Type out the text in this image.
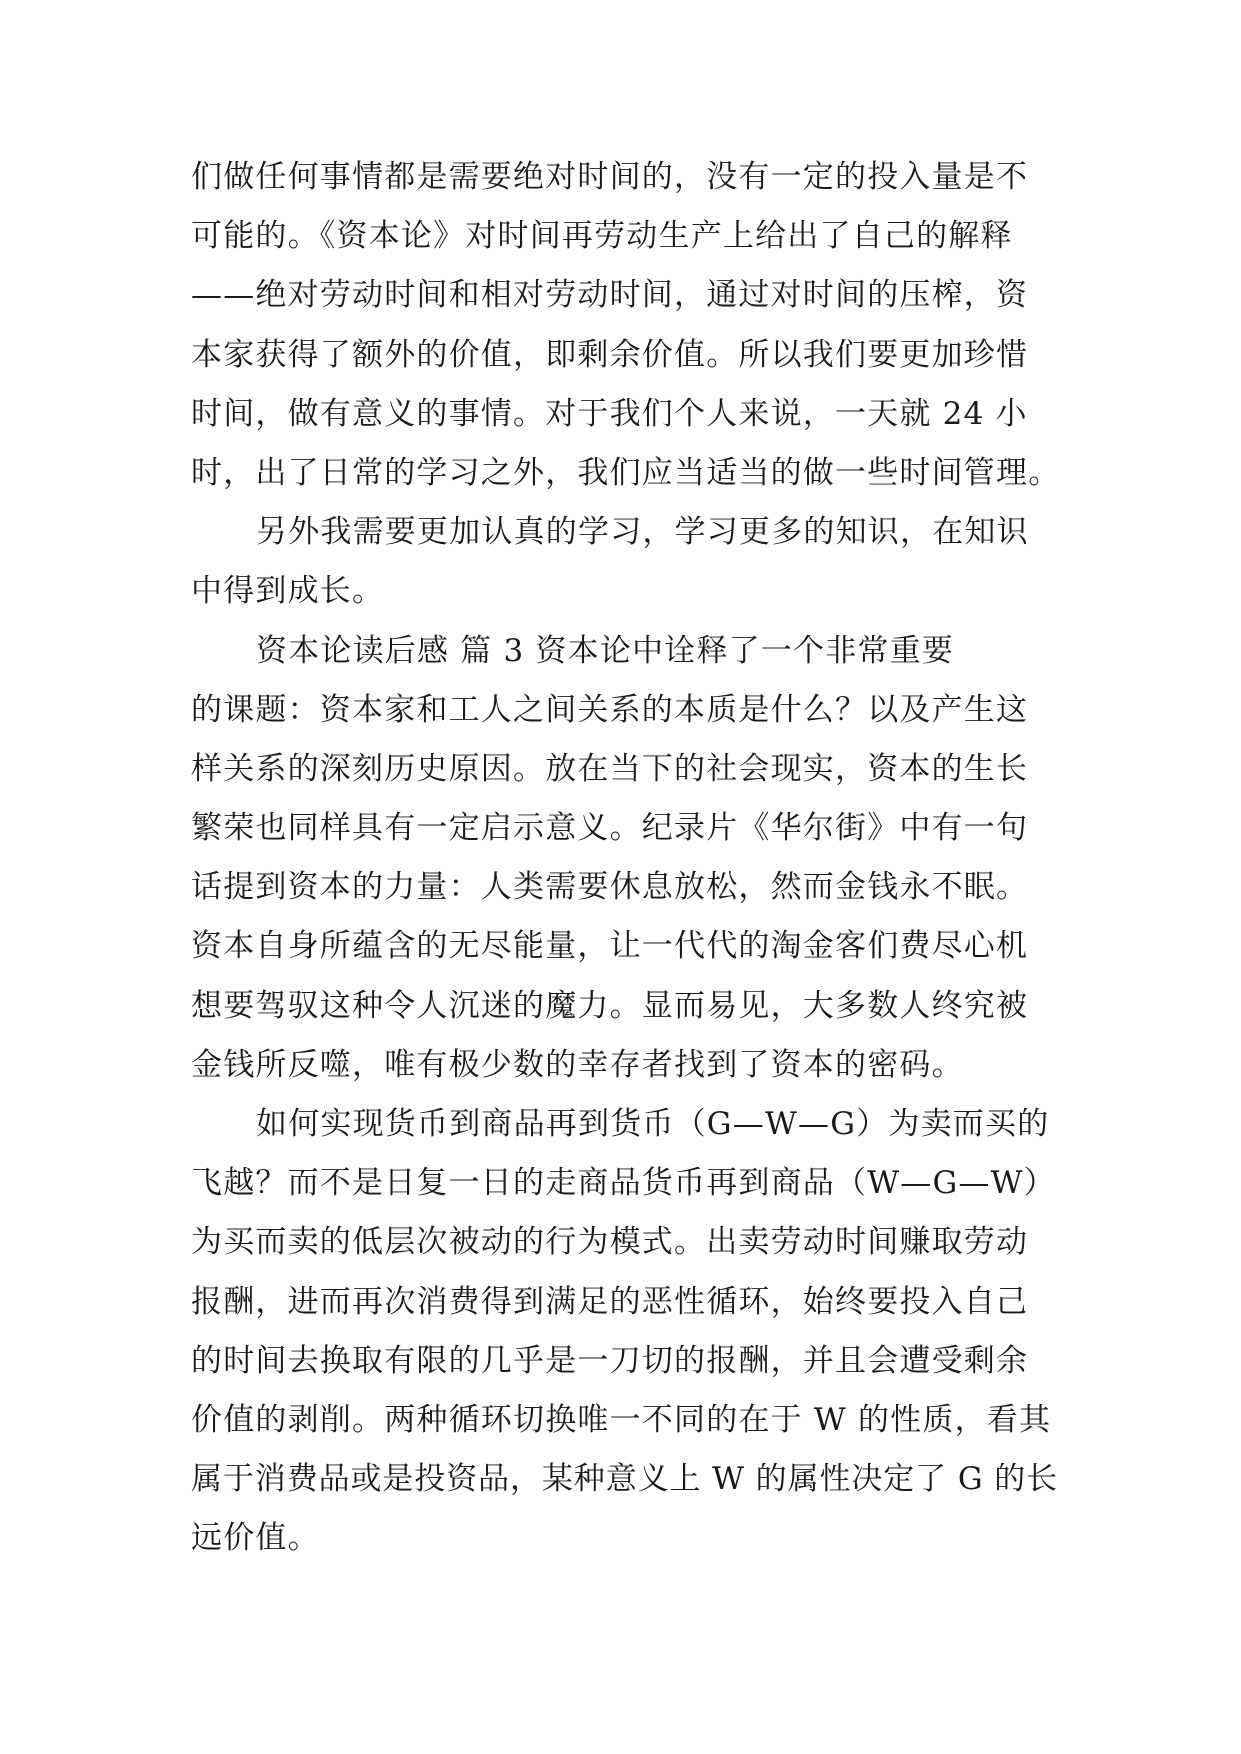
们做任何事情都是需要绝对时间的，没有一定的投入量是不
可能的。《资本论》对时间再劳动生产上给出了自己的解释
——绝对劳动时间和相对劳动时间，通过对时间的压榨，资
本家获得了额外的价值，即剩余价值。所以我们要更加珍惜
时间，做有意义的事情。对于我们个人来说，一天就 24 小
时，出了日常的学习之外，我们应当适当的做一些时间管理。
另外我需要更加认真的学习，学习更多的知识，在知识
中得到成长。
资本论读后感 篇 3 资本论中诠释了一个非常重要
的课题：资本家和工人之间关系的本质是什么？以及产生这
样关系的深刻历史原因。放在当下的社会现实，资本的生长
繁荣也同样具有一定启示意义。纪录片《华尔街》中有一句
话提到资本的力量：人类需要休息放松，然而金钱永不眠。
资本自身所蕴含的无尽能量，让一代代的淘金客们费尽心机
想要驾驭这种令人沉迷的魔力。显而易见，大多数人终究被
金钱所反噬，唯有极少数的幸存者找到了资本的密码。
如何实现货币到商品再到货币（G—W—G）为卖而买的
飞越？而不是日复一日的走商品货币再到商品（W—G—W）
为买而卖的低层次被动的行为模式。出卖劳动时间赚取劳动
报酬，进而再次消费得到满足的恶性循环，始终要投入自己
的时间去换取有限的几乎是一刀切的报酬，并且会遭受剩余
价值的剥削。两种循环切换唯一不同的在于 W 的性质，看其
属于消费品或是投资品，某种意义上 W 的属性决定了 G 的长
远价值。
